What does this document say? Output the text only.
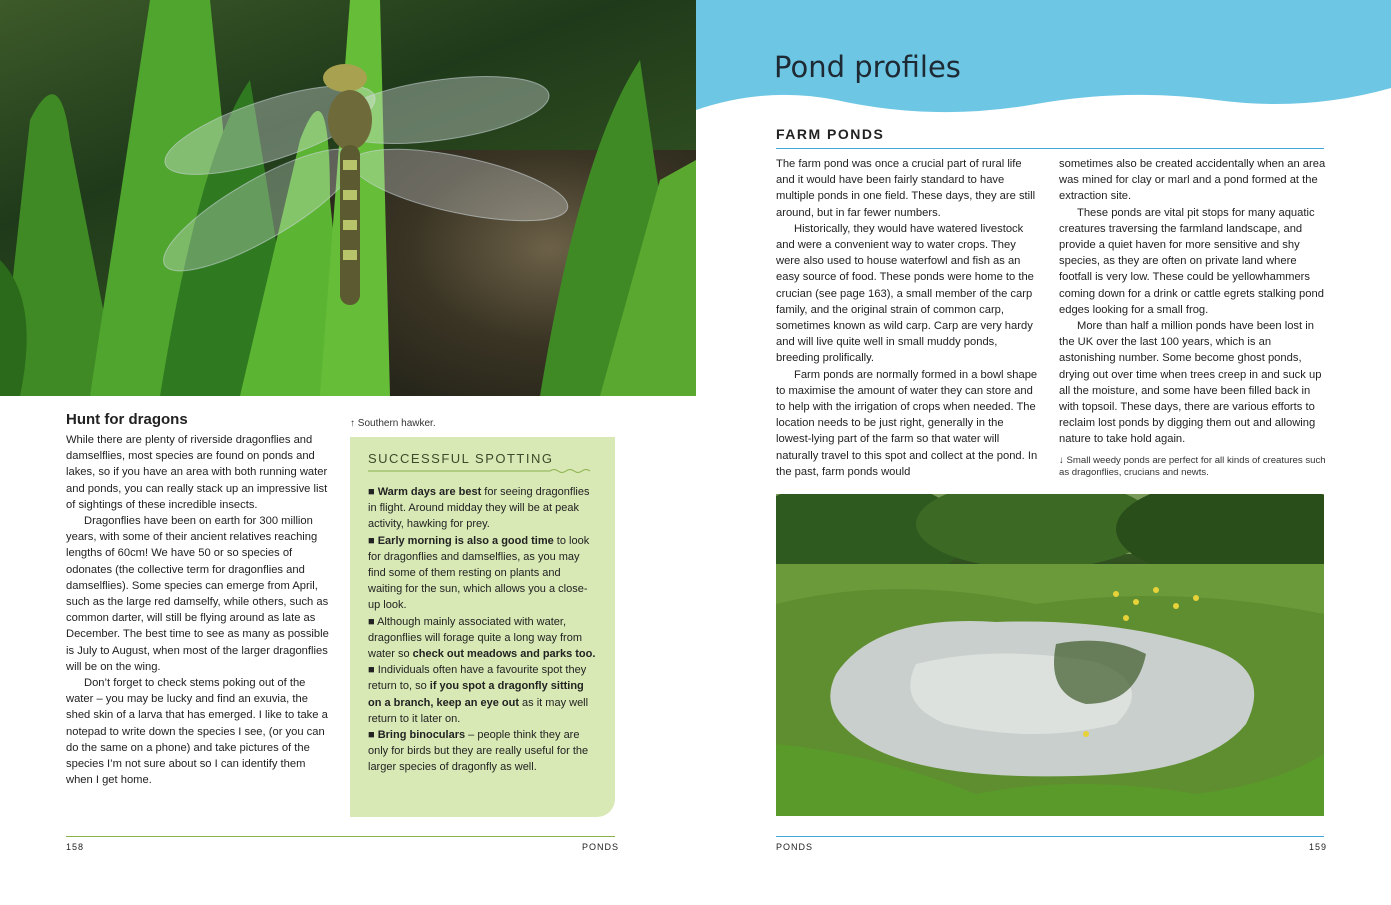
Hunt for dragons

While there are plenty of riverside dragonflies and damselflies, most species are found on ponds and lakes, so if you have an area with both running water and ponds, you can really stack up an impressive list of sightings of these incredible insects.

Dragonflies have been on earth for 300 million years, with some of their ancient relatives reaching lengths of 60cm! We have 50 or so species of odonates (the collective term for dragonflies and damselflies). Some species can emerge from April, such as the large red damselfy, while others, such as common darter, will still be flying around as late as December. The best time to see as many as possible is July to August, when most of the larger dragonflies will be on the wing.

Don’t forget to check stems poking out of the water – you may be lucky and find an exuvia, the shed skin of a larva that has emerged. I like to take a notepad to write down the species I see, (or you can do the same on a phone) and take pictures of the species I’m not sure about so I can identify them when I get home.

↑ Southern hawker.
SUCCESSFUL SPOTTING
■ Warm days are best for seeing dragonflies in flight. Around midday they will be at peak activity, hawking for prey.
■ Early morning is also a good time to look for dragonflies and damselflies, as you may find some of them resting on plants and waiting for the sun, which allows you a close-up look.
■ Although mainly associated with water, dragonflies will forage quite a long way from water so check out meadows and parks too.
■ Individuals often have a favourite spot they return to, so if you spot a dragonfly sitting on a branch, keep an eye out as it may well return to it later on.
■ Bring binoculars – people think they are only for birds but they are really useful for the larger species of dragonfly as well.
158	PONDS
Pond profiles
FARM PONDS

The farm pond was once a crucial part of rural life and it would have been fairly standard to have multiple ponds in one field. These days, they are still around, but in far fewer numbers.

Historically, they would have watered livestock and were a convenient way to water crops. They were also used to house waterfowl and fish as an easy source of food. These ponds were home to the crucian (see page 163), a small member of the carp family, and the original strain of common carp, sometimes known as wild carp. Carp are very hardy and will live quite well in small muddy ponds, breeding prolifically.

Farm ponds are normally formed in a bowl shape to maximise the amount of water they can store and to help with the irrigation of crops when needed. The location needs to be just right, generally in the lowest-lying part of the farm so that water will naturally travel to this spot and collect at the pond. In the past, farm ponds would

sometimes also be created accidentally when an area was mined for clay or marl and a pond formed at the extraction site.

These ponds are vital pit stops for many aquatic creatures traversing the farmland landscape, and provide a quiet haven for more sensitive and shy species, as they are often on private land where footfall is very low. These could be yellowhammers coming down for a drink or cattle egrets stalking pond edges looking for a small frog.

More than half a million ponds have been lost in the UK over the last 100 years, which is an astonishing number. Some become ghost ponds, drying out over time when trees creep in and suck up all the moisture, and some have been filled back in with topsoil. These days, there are various efforts to reclaim lost ponds by digging them out and allowing nature to take hold again.

↓ Small weedy ponds are perfect for all kinds of creatures such as dragonflies, crucians and newts.
PONDS	159
